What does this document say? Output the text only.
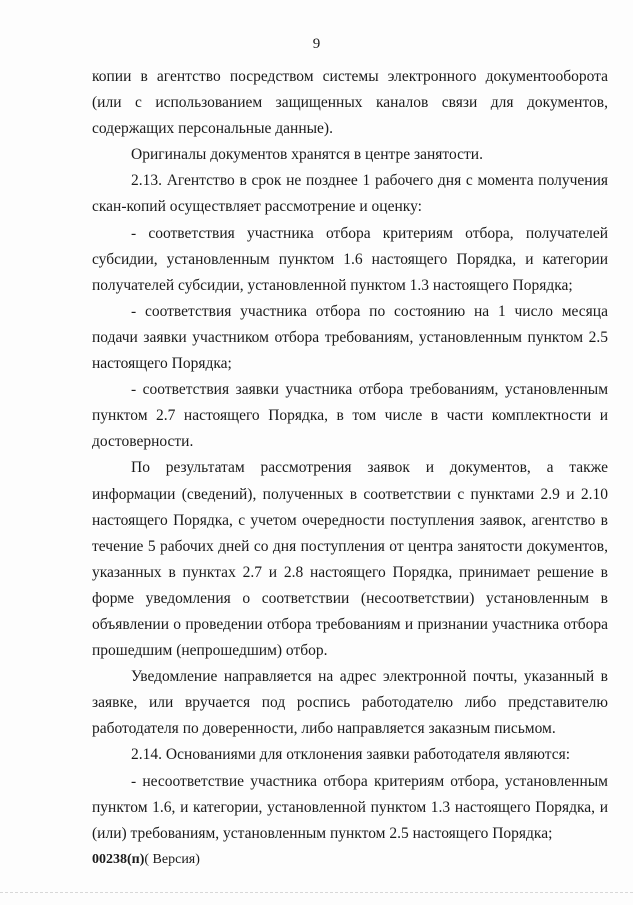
9

копии в агентство посредством системы электронного документооборота (или с использованием защищенных каналов связи для документов, содержащих персональные данные).

Оригиналы документов хранятся в центре занятости.

2.13. Агентство в срок не позднее 1 рабочего дня с момента получения скан-копий осуществляет рассмотрение и оценку:

- соответствия участника отбора критериям отбора, получателей субсидии, установленным пунктом 1.6 настоящего Порядка, и категории получателей субсидии, установленной пунктом 1.3 настоящего Порядка;

- соответствия участника отбора по состоянию на 1 число месяца подачи заявки участником отбора требованиям, установленным пунктом 2.5 настоящего Порядка;

- соответствия заявки участника отбора требованиям, установленным пунктом 2.7 настоящего Порядка, в том числе в части комплектности и достоверности.

По результатам рассмотрения заявок и документов, а также информации (сведений), полученных в соответствии с пунктами 2.9 и 2.10 настоящего Порядка, с учетом очередности поступления заявок, агентство в течение 5 рабочих дней со дня поступления от центра занятости документов, указанных в пунктах 2.7 и 2.8 настоящего Порядка, принимает решение в форме уведомления о соответствии (несоответствии) установленным в объявлении о проведении отбора требованиям и признании участника отбора прошедшим (непрошедшим) отбор.

Уведомление направляется на адрес электронной почты, указанный в заявке, или вручается под роспись работодателю либо представителю работодателя по доверенности, либо направляется заказным письмом.

2.14. Основаниями для отклонения заявки работодателя являются:

- несоответствие участника отбора критериям отбора, установленным пунктом 1.6, и категории, установленной пунктом 1.3 настоящего Порядка, и (или) требованиям, установленным пунктом 2.5 настоящего Порядка;

00238(п)( Версия)
